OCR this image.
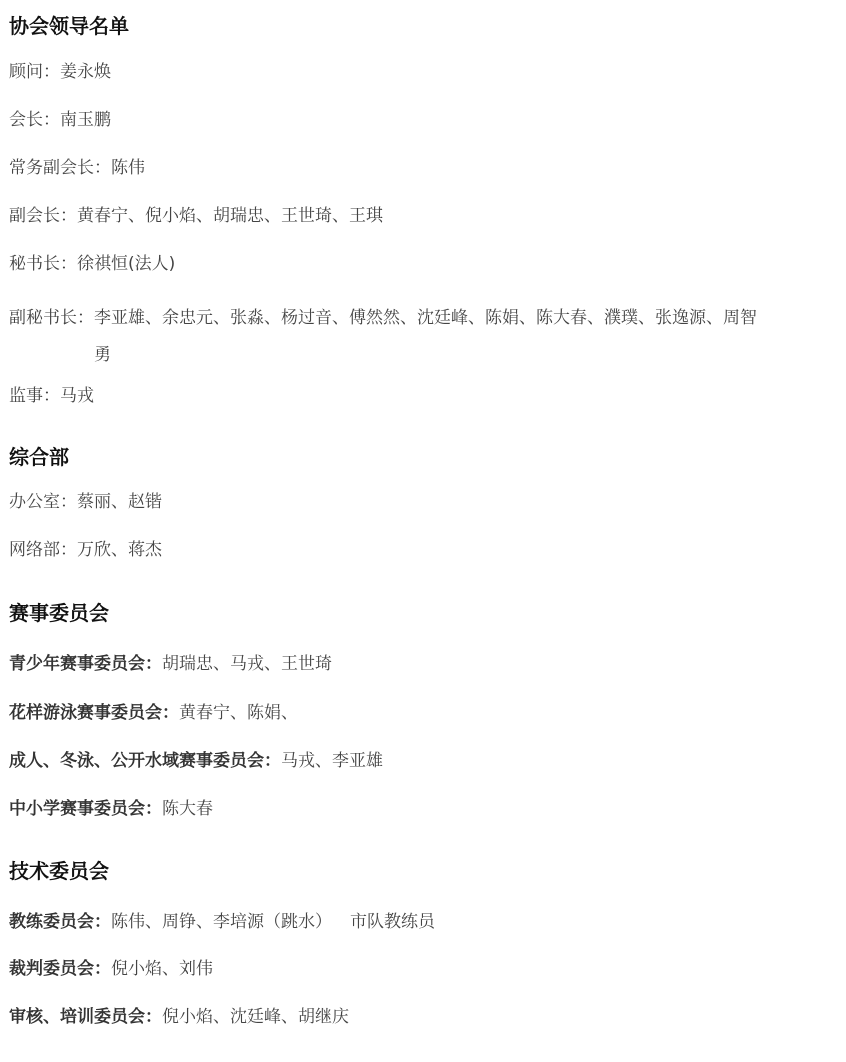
协会领导名单
顾问：姜永焕
会长：南玉鹏
常务副会长：陈伟
副会长：黄春宁、倪小焰、胡瑞忠、王世琦、王琪
秘书长：徐祺恒(法人)
副秘书长： 李亚雄、余忠元、张淼、杨过音、傅然然、沈廷峰、陈娟、陈大春、濮璞、张逸源、周智勇
监事：马戎
综合部
办公室：蔡丽、赵锴
网络部：万欣、蒋杰
赛事委员会
青少年赛事委员会：胡瑞忠、马戎、王世琦
花样游泳赛事委员会：黄春宁、陈娟、
成人、冬泳、公开水域赛事委员会：马戎、李亚雄
中小学赛事委员会：陈大春
技术委员会
教练委员会：陈伟、周铮、李培源（跳水） 市队教练员
裁判委员会：倪小焰、刘伟
审核、培训委员会：倪小焰、沈廷峰、胡继庆
